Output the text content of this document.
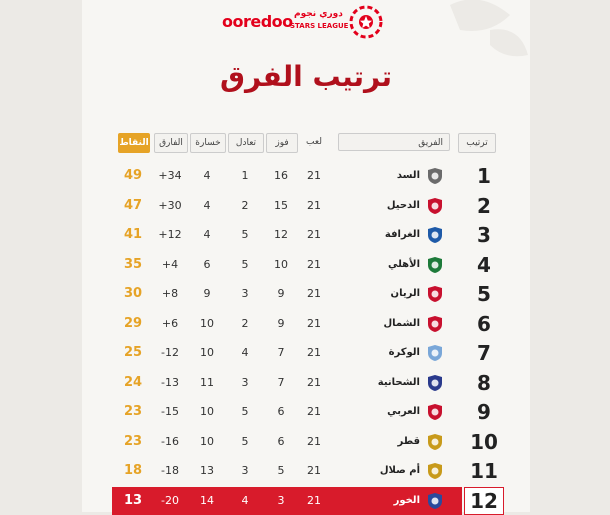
ooredoo دوري نجوم
STARS LEAGUE
ترتيب الفرق
النقاط	الفارق	خسارة	تعادل	فوز	لعب	الفريق	ترتيب
49	+34	4	1	16	21	السد	1
47	+30	4	2	15	21	الدحيل	2
41	+12	4	5	12	21	الغرافة	3
35	+4	6	5	10	21	الأهلي	4
30	+8	9	3	9	21	الريان	5
29	+6	10	2	9	21	الشمال	6
25	-12	10	4	7	21	الوكرة	7
24	-13	11	3	7	21	الشحانية	8
23	-15	10	5	6	21	العربي	9
23	-16	10	5	6	21	قطر	10
18	-18	13	3	5	21	أم صلال	11
13	-20	14	4	3	21	الخور	12
